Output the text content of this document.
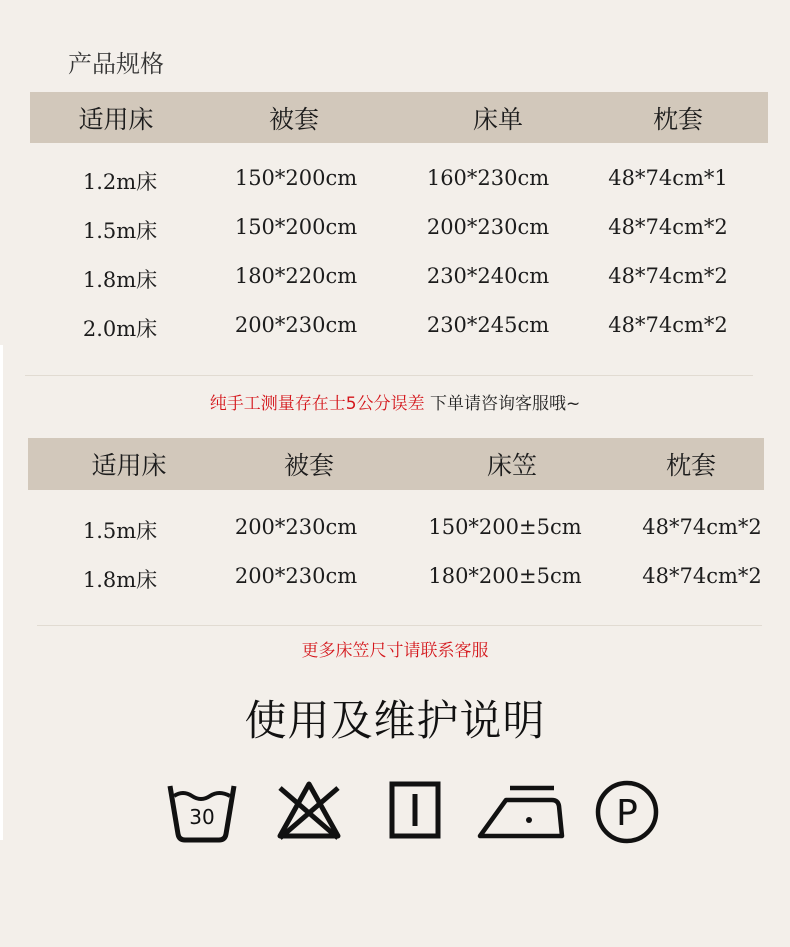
产品规格
适用床	被套	床单	枕套
1.2m床	150*200cm	160*230cm	48*74cm*1
1.5m床	150*200cm	200*230cm	48*74cm*2
1.8m床	180*220cm	230*240cm	48*74cm*2
2.0m床	200*230cm	230*245cm	48*74cm*2
纯手工测量存在士5公分误差 下单请咨询客服哦~
适用床	被套	床笠	枕套
1.5m床	200*230cm	150*200±5cm	48*74cm*2
1.8m床	200*230cm	180*200±5cm	48*74cm*2
更多床笠尺寸请联系客服
使用及维护说明
30	P
